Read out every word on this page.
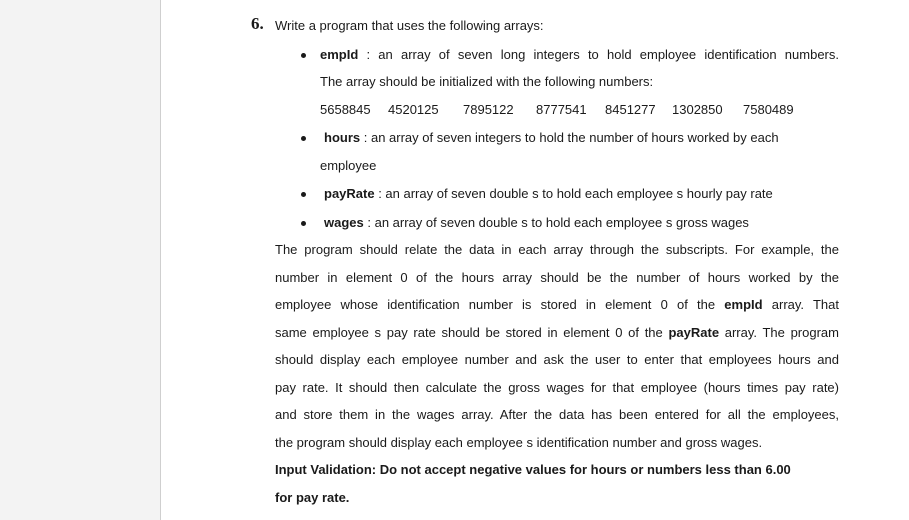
6. Write a program that uses the following arrays:
empId : an array of seven long integers to hold employee identification numbers.
The array should be initialized with the following numbers:
5658845 4520125 7895122 8777541 8451277 1302850 7580489
hours : an array of seven integers to hold the number of hours worked by each
employee
payRate : an array of seven double s to hold each employee s hourly pay rate
wages : an array of seven double s to hold each employee s gross wages
The program should relate the data in each array through the subscripts. For example, the
number in element 0 of the hours array should be the number of hours worked by the
employee whose identification number is stored in element 0 of the empId array. That
same employee s pay rate should be stored in element 0 of the payRate array. The program
should display each employee number and ask the user to enter that employees hours and
pay rate. It should then calculate the gross wages for that employee (hours times pay rate)
and store them in the wages array. After the data has been entered for all the employees,
the program should display each employee s identification number and gross wages.
Input Validation: Do not accept negative values for hours or numbers less than 6.00
for pay rate.
